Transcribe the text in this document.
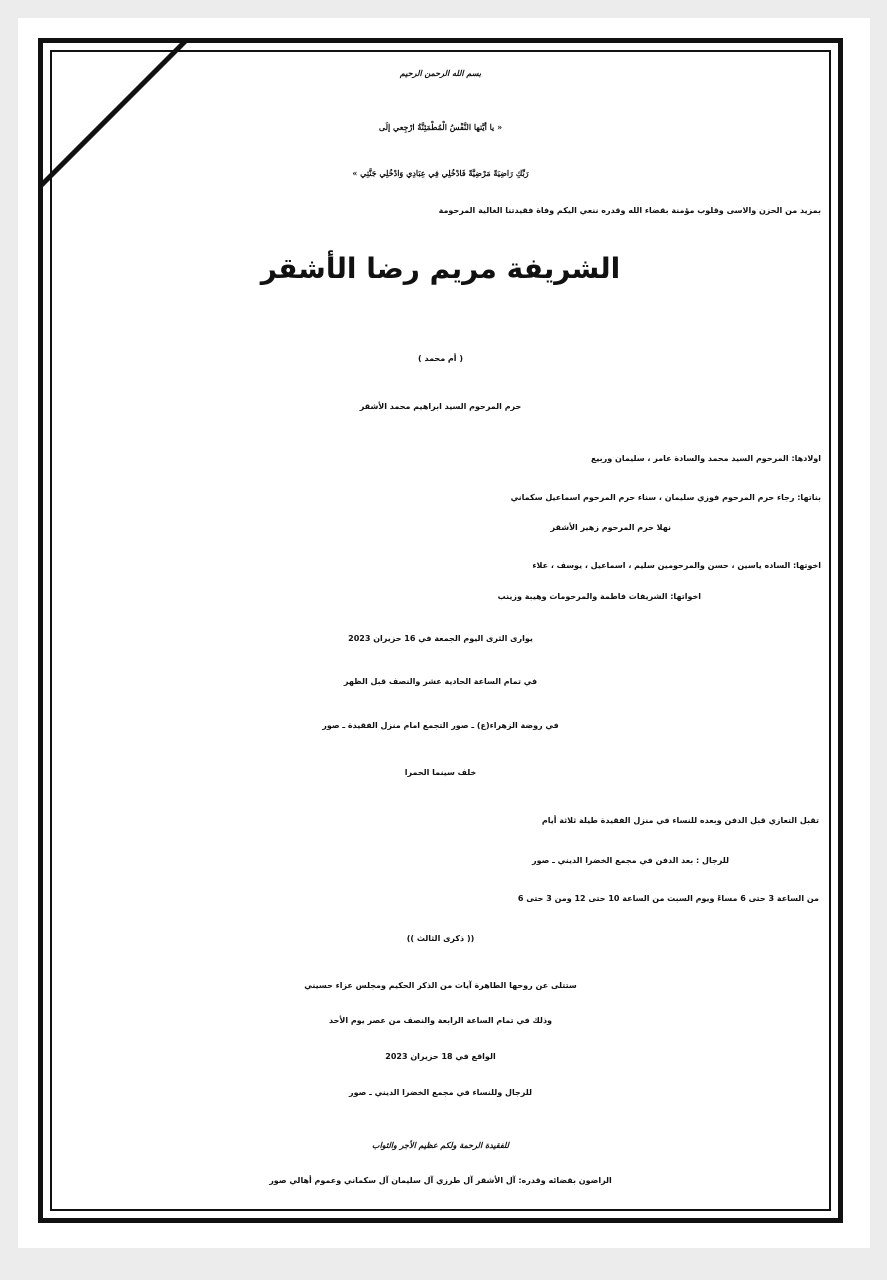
بسم الله الرحمن الرحيم
« يا أيَّتها النَّفْسُ الْمُطْمَئِنَّةُ ارْجِعي إلَى
رَبِّكِ رَاضِيَةً مَرْضِيَّةً فَادْخُلِي فِي عِبَادِي وَادْخُلِي جَنَّتِي »
بمزيد من الحزن والاسى وقلوب مؤمنة بقضاء الله وقدره ننعي اليكم وفاة فقيدتنا الغالية المرحومة
الشريفة مريم رضا الأشقر
( أم محمد )
حرم المرحوم السيد ابراهيم محمد الأشقر
اولادها: المرحوم السيد محمد والسادة عامر ، سليمان وربيع
بناتها: رجاء حرم المرحوم فوزي سليمان ، سناء حرم المرحوم اسماعيل سكماني
نهلا حرم المرحوم زهير الأشقر
اخوتها: الساده ياسين ، حسن والمرحومين سليم ، اسماعيل ، يوسف ، علاء
اخواتها: الشريفات فاطمة والمرحومات وهيبة وزينب
يوارى الثرى اليوم الجمعة في 16 حزيران 2023
في تمام الساعة الحادية عشر والنصف قبل الظهر
في روضة الزهراء(ع) ـ صور التجمع امام منزل الفقيدة ـ صور
خلف سينما الحمرا
تقبل التعازي قبل الدفن وبعده للنساء في منزل الفقيدة طيلة ثلاثة أيام
للرجال : بعد الدفن في مجمع الخضرا الديني ـ صور
من الساعة 3 حتى 6 مساءً ويوم السبت من الساعة 10 حتى 12 ومن 3 حتى 6
(( ذكرى الثالث ))
ستتلى عن روحها الطاهرة آيات من الذكر الحكيم ومجلس عزاء حسيني
وذلك في تمام الساعة الرابعة والنصف من عصر يوم الأحد
الواقع في 18 حزيران 2023
للرجال وللنساء في مجمع الخضرا الديني ـ صور
للفقيدة الرحمة ولكم عظيم الأجر والثواب
الراضون بقضائه وقدره: آل الأشقر آل طرزي آل سليمان آل سكماني وعموم أهالي صور
